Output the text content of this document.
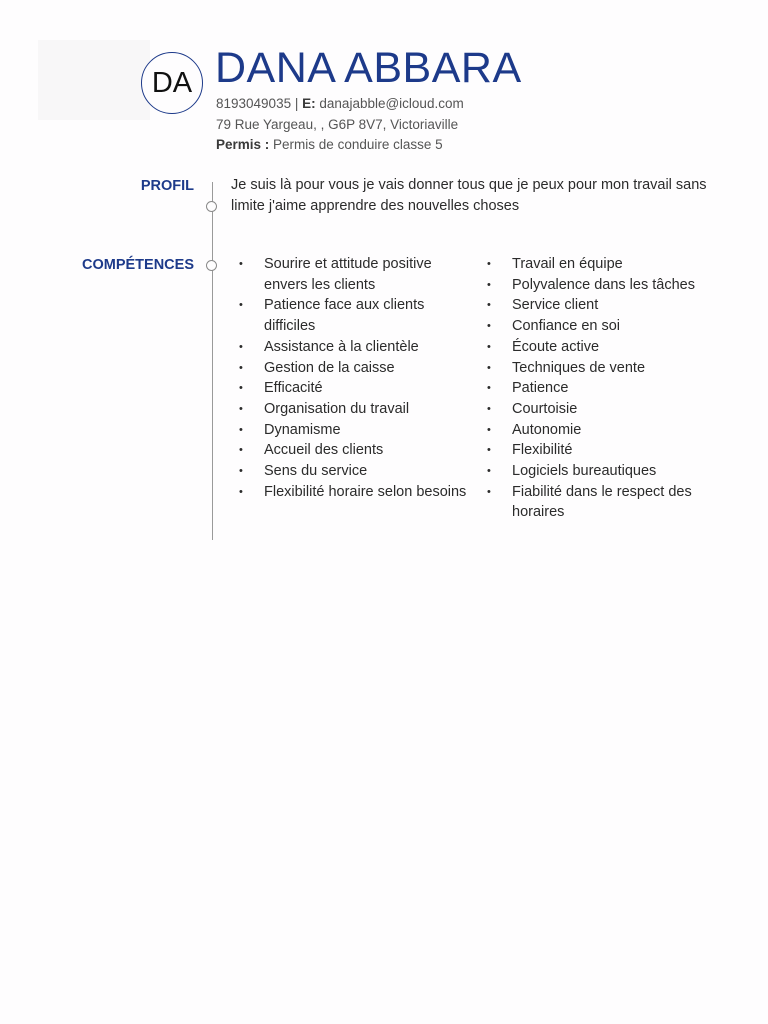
DA DANA ABBARA
8193049035 | E: danajabble@icloud.com
79 Rue Yargeau, , G6P 8V7, Victoriaville
Permis : Permis de conduire classe 5
PROFIL	Je suis là pour vous je vais donner tous que je peux pour mon travail sans limite j'aime apprendre des nouvelles choses
COMPÉTENCES
•	Sourire et attitude positive envers les clients
• Patience face aux clients difficiles
• Assistance à la clientèle
• Gestion de la caisse
• Efficacité
• Organisation du travail
• Dynamisme
• Accueil des clients
• Sens du service
• Flexibilité horaire selon besoins
• Travail en équipe
• Polyvalence dans les tâches
• Service client
• Confiance en soi
• Écoute active
• Techniques de vente
• Patience
• Courtoisie
• Autonomie
• Flexibilité
• Logiciels bureautiques
• Fiabilité dans le respect des horaires
